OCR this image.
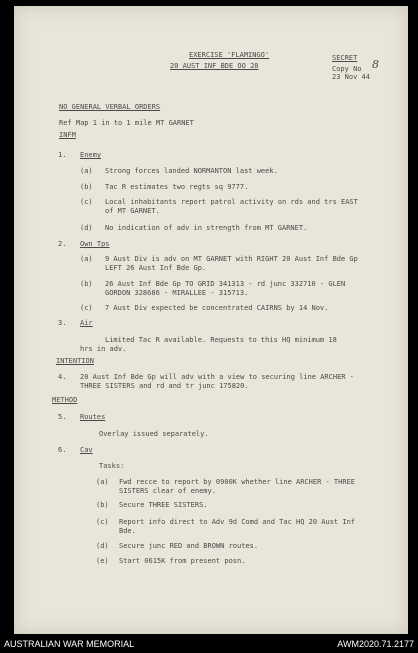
EXERCISE 'FLAMINGO'
20 AUST INF BDE OO 28
SECRET
Copy No 8
23 Nov 44
NO GENERAL VERBAL ORDERS
Ref Map 1 in to 1 mile MT GARNET
INFM
1. Enemy
(a) Strong forces landed NORMANTON last week.
(b) Tac R estimates two regts sq 9777.
(c) Local inhabitants report patrol activity on rds and trs EAST
of MT GARNET.
(d) No indication of adv in strength from MT GARNET.
2. Own Tps
(a) 9 Aust Div is adv on MT GARNET with RIGHT 20 Aust Inf Bde Gp
LEFT 26 Aust Inf Bde Gp.
(b) 26 Aust Inf Bde Gp TO GRID 341313 - rd junc 332710 - GLEN
GORDON 328686 - MIRALLEE - 315713.
(c) 7 Aust Div expected be concentrated CAIRNS by 14 Nov.
3. Air
Limited Tac R available. Requests to this HQ minimum 18
hrs in adv.
INTENTION
4. 20 Aust Inf Bde Gp will adv with a view to securing line ARCHER -
THREE SISTERS and rd and tr junc 175820.
METHOD
5. Routes
Overlay issued separately.
6. Cav
Tasks:
(a) Fwd recce to report by 0900K whether line ARCHER - THREE
SISTERS clear of enemy.
(b) Secure THREE SISTERS.
(c) Report info direct to Adv 9d Comd and Tac HQ 20 Aust Inf
Bde.
(d) Secure junc RED and BROWN routes.
(e) Start 0615K from present posn.
AUSTRALIAN WAR MEMORIAL	AWM2020.71.2177
